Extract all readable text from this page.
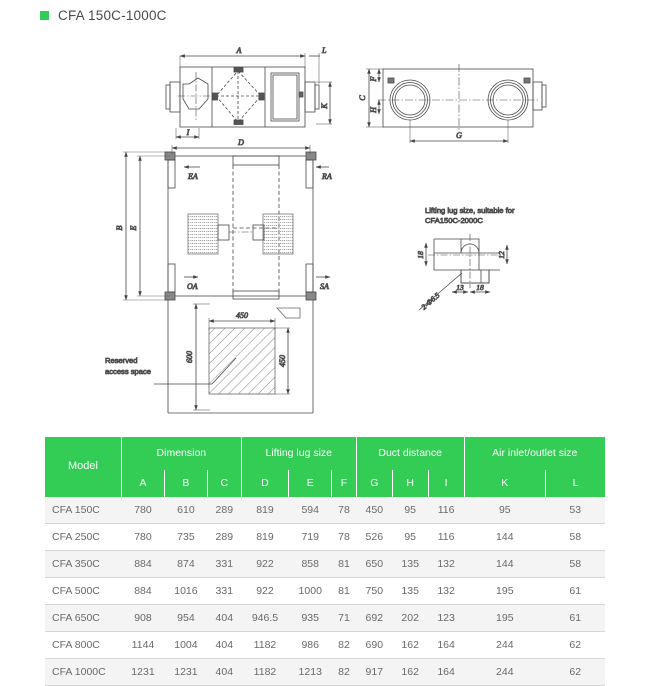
CFA 150C-1000C
A	L
K
I
C
F
H
G
EA	RA
OA	SA
D
B E
450
450
600
Reserved
access space
Lifting lug size, suitable for
CFA150C-2000C
18	12
13 18
2-Φ6.5
Model	Dimension			Lifting lug size			Duct distance			Air inlet/outlet size	
	A	B	C	D	E	F	G	H	I	K	L
CFA 150C	780	610	289	819	594	78	450	95	116	95	53
CFA 250C	780	735	289	819	719	78	526	95	116	144	58
CFA 350C	884	874	331	922	858	81	650	135	132	144	58
CFA 500C	884	1016	331	922	1000	81	750	135	132	195	61
CFA 650C	908	954	404	946.5	935	71	692	202	123	195	61
CFA 800C	1144	1004	404	1182	986	82	690	162	164	244	62
CFA 1000C	1231	1231	404	1182	1213	82	917	162	164	244	62
